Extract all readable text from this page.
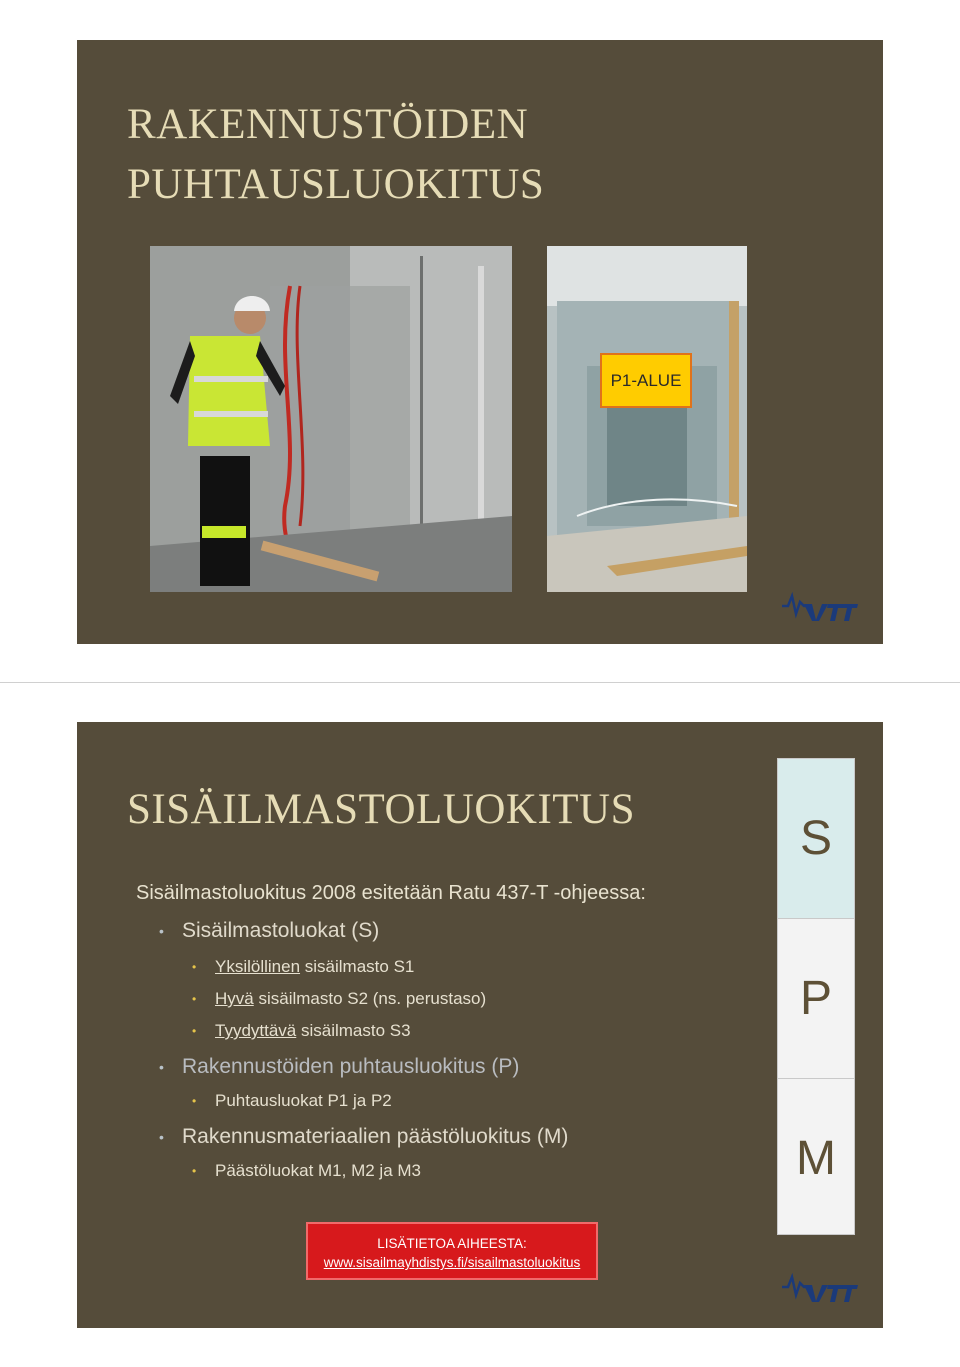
RAKENNUSTÖIDEN
PUHTAUSLUOKITUS
P1-ALUE
SISÄILMASTOLUOKITUS
Sisäilmastoluokitus 2008 esitetään Ratu 437-T -ohjeessa:
• Sisäilmastoluokat (S)
• Yksilöllinen sisäilmasto S1
• Hyvä sisäilmasto S2 (ns. perustaso)
• Tyydyttävä sisäilmasto S3
• Rakennustöiden puhtausluokitus (P)
• Puhtausluokat P1 ja P2
• Rakennusmateriaalien päästöluokitus (M)
• Päästöluokat M1, M2 ja M3
S
P
M
LISÄTIETOA AIHEESTA:
www.sisailmayhdistys.fi/sisailmastoluokitus
